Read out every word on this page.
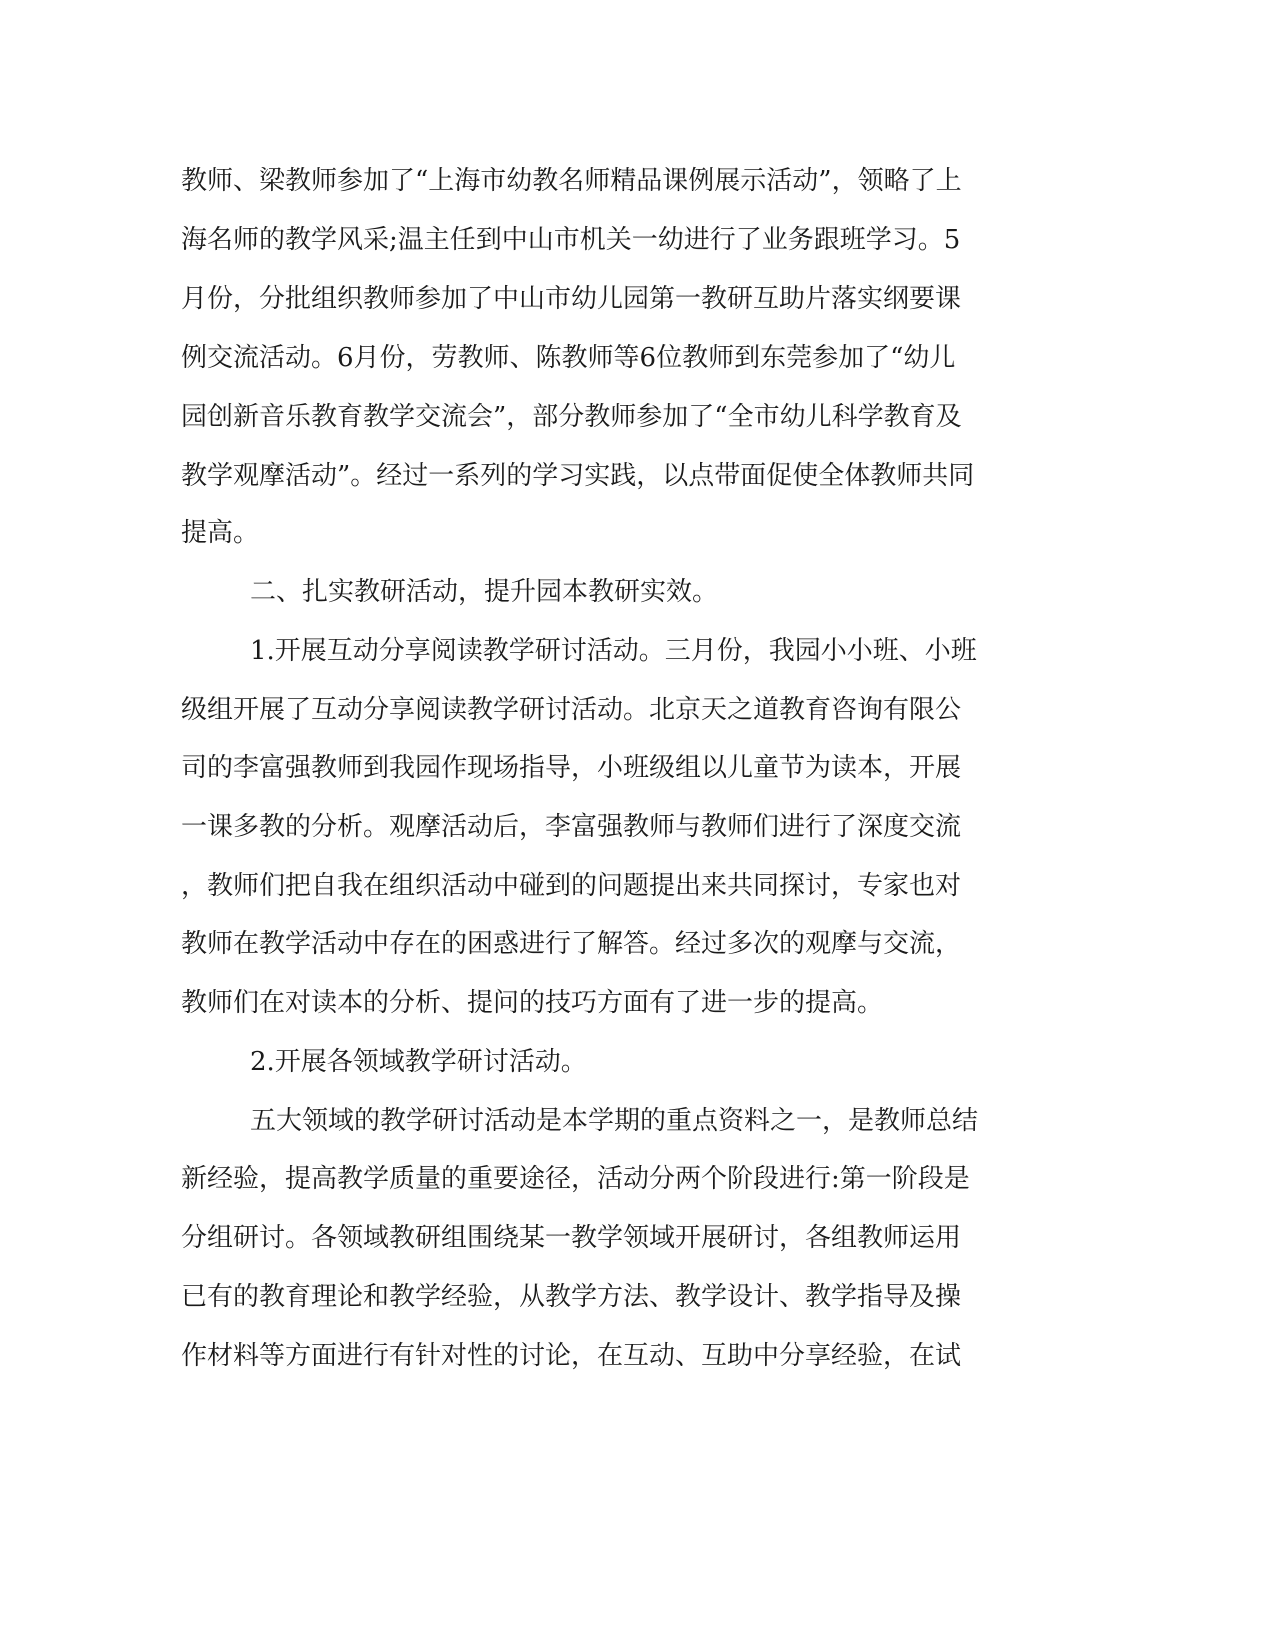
教师、梁教师参加了“上海市幼教名师精品课例展示活动”，领略了上
海名师的教学风采;温主任到中山市机关一幼进行了业务跟班学习。5
月份，分批组织教师参加了中山市幼儿园第一教研互助片落实纲要课
例交流活动。6月份，劳教师、陈教师等6位教师到东莞参加了“幼儿
园创新音乐教育教学交流会”，部分教师参加了“全市幼儿科学教育及
教学观摩活动”。经过一系列的学习实践，以点带面促使全体教师共同
提高。
二、扎实教研活动，提升园本教研实效。
1.开展互动分享阅读教学研讨活动。三月份，我园小小班、小班
级组开展了互动分享阅读教学研讨活动。北京天之道教育咨询有限公
司的李富强教师到我园作现场指导，小班级组以儿童节为读本，开展
一课多教的分析。观摩活动后，李富强教师与教师们进行了深度交流
，教师们把自我在组织活动中碰到的问题提出来共同探讨，专家也对
教师在教学活动中存在的困惑进行了解答。经过多次的观摩与交流，
教师们在对读本的分析、提问的技巧方面有了进一步的提高。
2.开展各领域教学研讨活动。
五大领域的教学研讨活动是本学期的重点资料之一，是教师总结
新经验，提高教学质量的重要途径，活动分两个阶段进行:第一阶段是
分组研讨。各领域教研组围绕某一教学领域开展研讨，各组教师运用
已有的教育理论和教学经验，从教学方法、教学设计、教学指导及操
作材料等方面进行有针对性的讨论，在互动、互助中分享经验，在试
